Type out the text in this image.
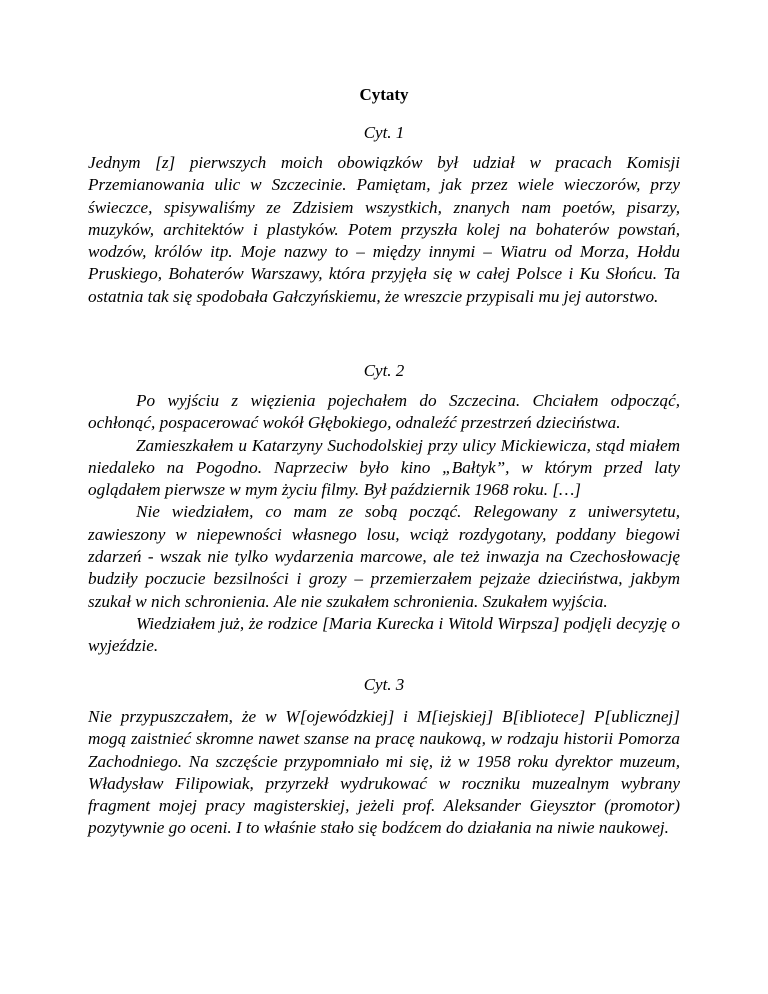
Cytaty
Cyt. 1

Jednym [z] pierwszych moich obowiązków był udział w pracach Komisji Przemianowania ulic w Szczecinie. Pamiętam, jak przez wiele wieczorów, przy świeczce, spisywaliśmy ze Zdzisiem wszystkich, znanych nam poetów, pisarzy, muzyków, architektów i plastyków. Potem przyszła kolej na bohaterów powstań, wodzów, królów itp. Moje nazwy to – między innymi – Wiatru od Morza, Hołdu Pruskiego, Bohaterów Warszawy, która przyjęła się w całej Polsce i Ku Słońcu. Ta ostatnia tak się spodobała Gałczyńskiemu, że wreszcie przypisali mu jej autorstwo.

Cyt. 2

Po wyjściu z więzienia pojechałem do Szczecina. Chciałem odpocząć, ochłonąć, pospacerować wokół Głębokiego, odnaleźć przestrzeń dzieciństwa.

Zamieszkałem u Katarzyny Suchodolskiej przy ulicy Mickiewicza, stąd miałem niedaleko na Pogodno. Naprzeciw było kino „Bałtyk”, w którym przed laty oglądałem pierwsze w mym życiu filmy. Był październik 1968 roku. […]

Nie wiedziałem, co mam ze sobą począć. Relegowany z uniwersytetu, zawieszony w niepewności własnego losu, wciąż rozdygotany, poddany biegowi zdarzeń - wszak nie tylko wydarzenia marcowe, ale też inwazja na Czechosłowację budziły poczucie bezsilności i grozy – przemierzałem pejzaże dzieciństwa, jakbym szukał w nich schronienia. Ale nie szukałem schronienia. Szukałem wyjścia.

Wiedziałem już, że rodzice [Maria Kurecka i Witold Wirpsza] podjęli decyzję o wyjeździe.

Cyt. 3

Nie przypuszczałem, że w W[ojewódzkiej] i M[iejskiej] B[ibliotece] P[ublicznej] mogą zaistnieć skromne nawet szanse na pracę naukową, w rodzaju historii Pomorza Zachodniego. Na szczęście przypomniało mi się, iż w 1958 roku dyrektor muzeum, Władysław Filipowiak, przyrzekł wydrukować w roczniku muzealnym wybrany fragment mojej pracy magisterskiej, jeżeli prof. Aleksander Gieysztor (promotor) pozytywnie go oceni. I to właśnie stało się bodźcem do działania na niwie naukowej.
